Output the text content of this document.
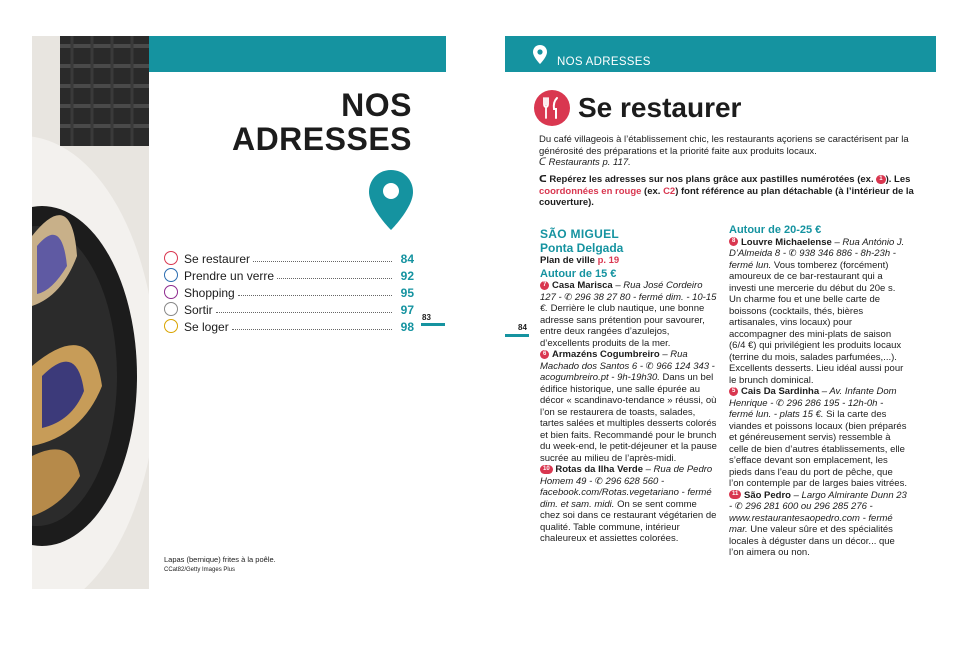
NOS
ADRESSES
Se restaurer	84
Prendre un verre	92
Shopping	95
Sortir	97
Se loger	98
83
Lapas (bernique) frites à la poêle.
CCat82/Getty Images Plus
NOS ADRESSES
Se restaurer
Du café villageois à l’établissement chic, les restaurants açoriens se caractérisent par la générosité des préparations et la priorité faite aux produits locaux.
ᑕ Restaurants p. 117.
ᑕ Repérez les adresses sur nos plans grâce aux pastilles numérotées (ex. 1 ). Les coordonnées en rouge (ex. C2) font référence au plan détachable (à l’intérieur de la couverture).
84
SÃO MIGUEL
Ponta Delgada
Plan de ville p. 19
Autour de 15 €
7 Casa Marisca – Rua José Cordeiro 127 - ✆ 296 38 27 80 - fermé dim. - 10-15 €. Derrière le club nautique, une bonne adresse sans prétention pour savourer, entre deux rangées d’azulejos, d’excellents produits de la mer.
6 Armazéns Cogumbreiro – Rua Machado dos Santos 6 - ✆ 966 124 343 - acogumbreiro.pt - 9h-19h30. Dans un bel édifice historique, une salle épurée au décor « scandinavo-tendance » réussi, où l’on se restaurera de toasts, salades, tartes salées et multiples desserts colorés et bien faits. Recommandé pour le brunch du week-end, le petit-déjeuner et la pause sucrée au milieu de l’après-midi.
10 Rotas da Ilha Verde – Rua de Pedro Homem 49 - ✆ 296 628 560 - facebook.com/Rotas.vegetariano - fermé dim. et sam. midi. On se sent comme chez soi dans ce restaurant végétarien de qualité. Table commune, intérieur chaleureux et assiettes colorées.
Autour de 20-25 €
8 Louvre Michaelense – Rua António J. D’Almeida 8 - ✆ 938 346 886 - 8h-23h - fermé lun. Vous tomberez (forcément) amoureux de ce bar-restaurant qui a investi une mercerie du début du 20e s. Un charme fou et une belle carte de boissons (cocktails, thés, bières artisanales, vins locaux) pour accompagner des mini-plats de saison (6/4 €) qui privilégient les produits locaux (terrine du mois, salades parfumées,...). Excellents desserts. Lieu idéal aussi pour le brunch dominical.
5 Cais Da Sardinha – Av. Infante Dom Henrique - ✆ 296 286 195 - 12h-0h - fermé lun. - plats 15 €. Si la carte des viandes et poissons locaux (bien préparés et généreusement servis) ressemble à celle de bien d’autres établissements, elle s’efface devant son emplacement, les pieds dans l’eau du port de pêche, que l’on contemple par de larges baies vitrées.
11 São Pedro – Largo Almirante Dunn 23 - ✆ 296 281 600 ou 296 285 276 - www.restaurantesaopedro.com - fermé mar. Une valeur sûre et des spécialités locales à déguster dans un décor... que l’on aimera ou non.
